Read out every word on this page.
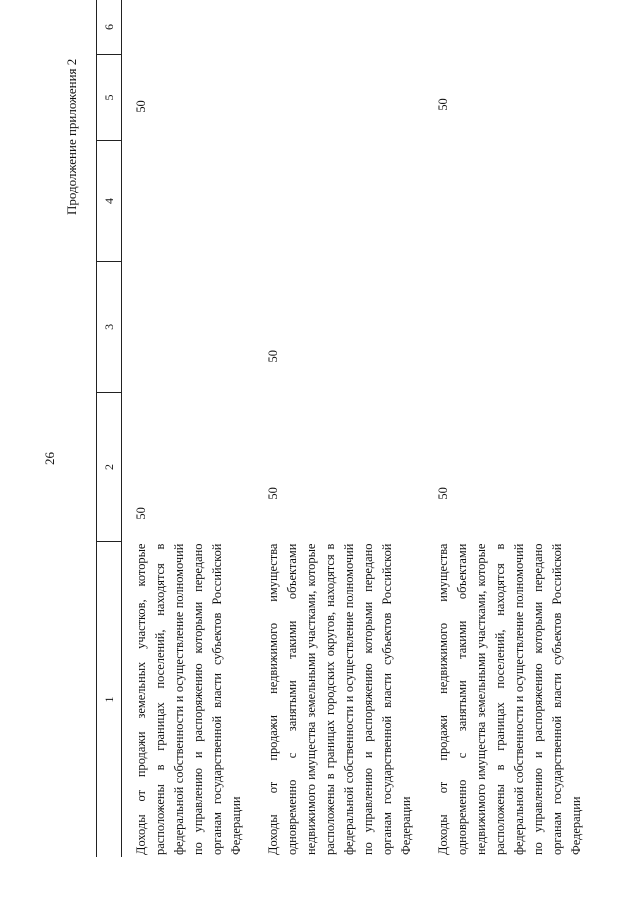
26
Продолжение приложения 2
1	2	3	4	5	6

Доходы от продажи земельных участков, которые расположены в границах поселений, находятся в федеральной собственности и осуществление полномочий по управлению и распоряжению которыми передано органам государственной власти субъектов Российской Федерации	50			50	

Доходы от продажи недвижимого имущества одновременно с занятыми такими объектами недвижимого имущества земельными участками, которые расположены в границах городских округов, находятся в федеральной собственности и осуществление полномочий по управлению и распоряжению которыми передано органам государственной власти субъектов Российской Федерации	50	50			

Доходы от продажи недвижимого имущества одновременно с занятыми такими объектами недвижимого имущества земельными участками, которые расположены в границах поселений, находятся в федеральной собственности и осуществление полномочий по управлению и распоряжению которыми передано органам государственной власти субъектов Российской Федерации	50			50	
